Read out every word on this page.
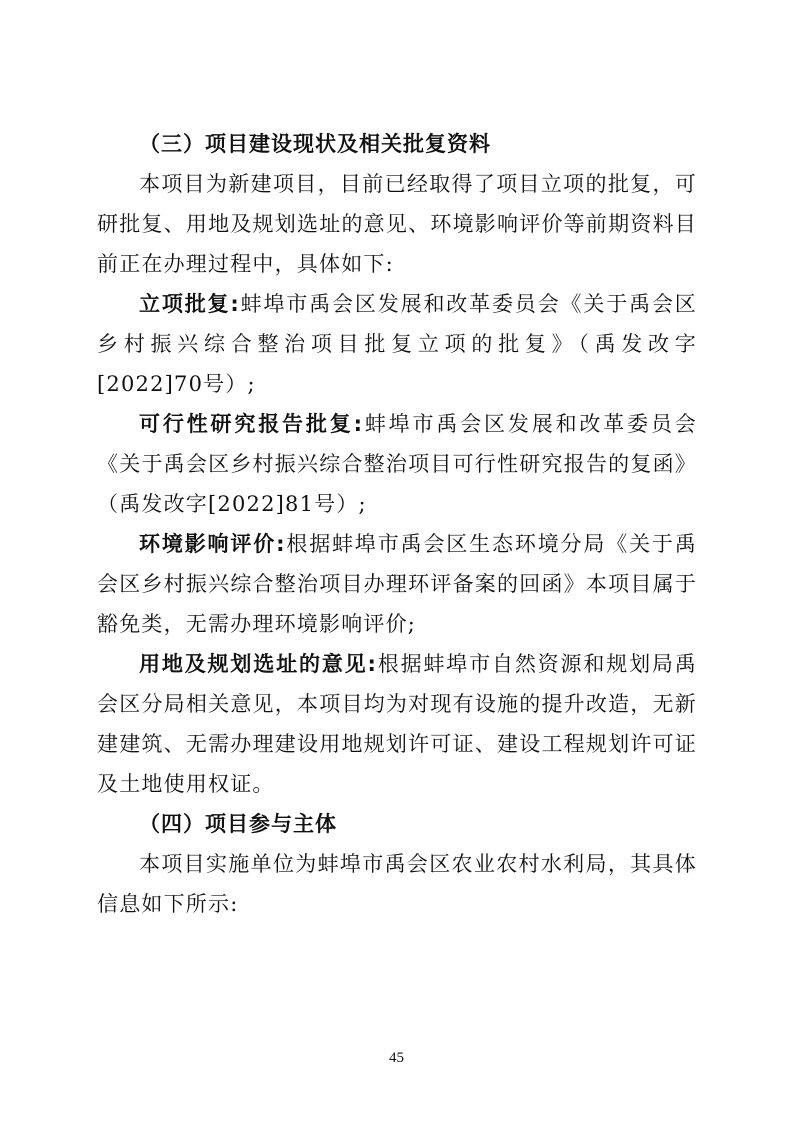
（三）项目建设现状及相关批复资料

本项目为新建项目，目前已经取得了项目立项的批复，可研批复、用地及规划选址的意见、环境影响评价等前期资料目前正在办理过程中，具体如下:

立项批复:蚌埠市禹会区发展和改革委员会《关于禹会区乡村振兴综合整治项目批复立项的批复》（禹发改字[2022]70号）;

可行性研究报告批复:蚌埠市禹会区发展和改革委员会《关于禹会区乡村振兴综合整治项目可行性研究报告的复函》（禹发改字[2022]81号）;

环境影响评价:根据蚌埠市禹会区生态环境分局《关于禹会区乡村振兴综合整治项目办理环评备案的回函》本项目属于豁免类，无需办理环境影响评价;

用地及规划选址的意见:根据蚌埠市自然资源和规划局禹会区分局相关意见，本项目均为对现有设施的提升改造，无新建建筑、无需办理建设用地规划许可证、建设工程规划许可证及土地使用权证。

（四）项目参与主体

本项目实施单位为蚌埠市禹会区农业农村水利局，其具体信息如下所示:

45
